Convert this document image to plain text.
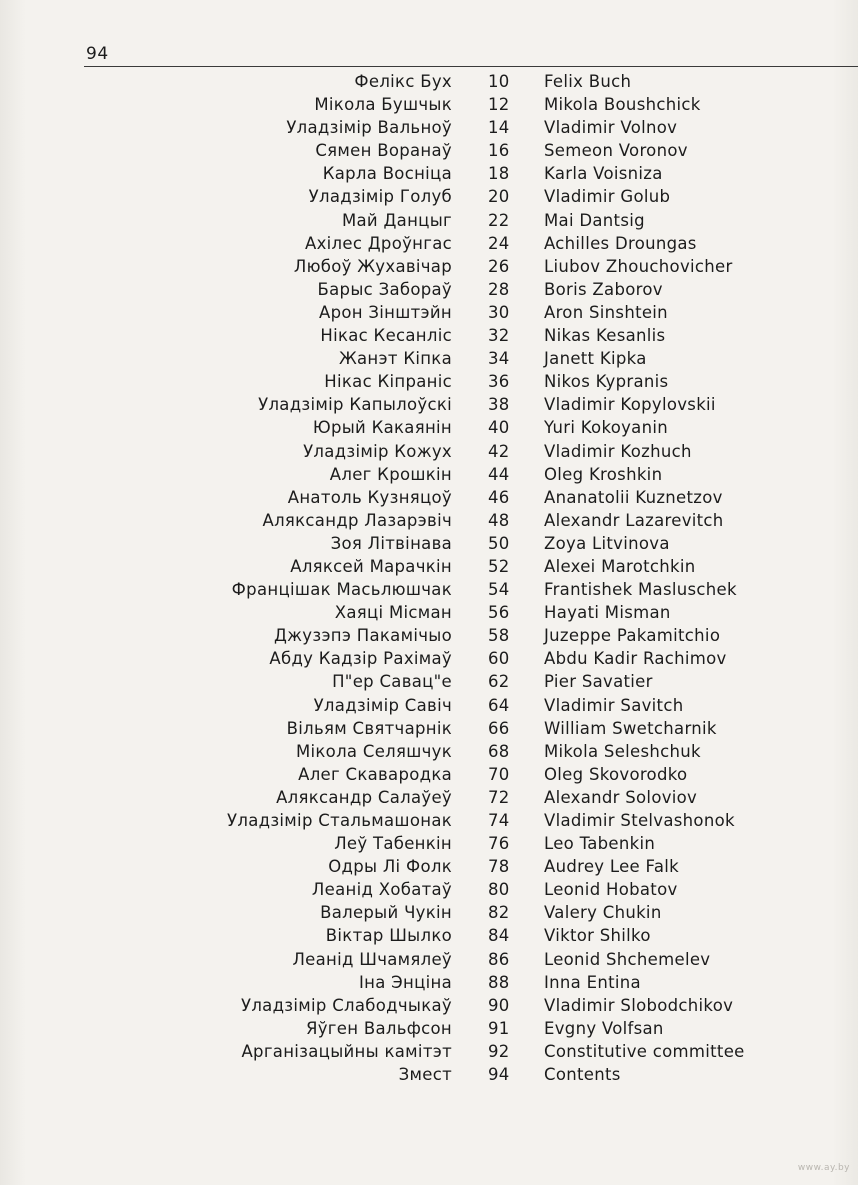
94
Фелікс Бух 10 Felix Buch
Мікола Бушчык 12 Mikola Boushchick
Уладзімір Вальноў 14 Vladimir Volnov
Сямен Воранаў 16 Semeon Voronov
Карла Восніца 18 Karla Voisniza
Уладзімір Голуб 20 Vladimir Golub
Май Данцыг 22 Mai Dantsig
Ахілес Дроўнгас 24 Achilles Droungas
Любоў Жухавічар 26 Liubov Zhouchovicher
Барыс Забораў 28 Boris Zaborov
Арон Зінштэйн 30 Aron Sinshtein
Нікас Кесанліс 32 Nikas Kesanlis
Жанэт Кіпка 34 Janett Kipka
Нікас Кіпраніс 36 Nikos Kypranis
Уладзімір Капылоўскі 38 Vladimir Kopylovskii
Юрый Какаянін 40 Yuri Kokoyanin
Уладзімір Кожух 42 Vladimir Kozhuch
Алег Крошкін 44 Oleg Kroshkin
Анатоль Кузняцоў 46 Ananatolii Kuznetzov
Аляксандр Лазарэвіч 48 Alexandr Lazarevitch
Зоя Літвінава 50 Zoya Litvinova
Аляксей Марачкін 52 Alexei Marotchkin
Францішак Масьлюшчак 54 Frantishek Masluschek
Хаяці Місман 56 Hayati Misman
Джузэпэ Пакамічыо 58 Juzeppe Pakamitchio
Абду Кадзір Рахімаў 60 Abdu Kadir Rachimov
П"ер Савац"е 62 Pier Savatier
Уладзімір Савіч 64 Vladimir Savitch
Вільям Святчарнік 66 William Swetcharnik
Мікола Селяшчук 68 Mikola Seleshchuk
Алег Скавародка 70 Oleg Skovorodko
Аляксандр Салаўеў 72 Alexandr Soloviov
Уладзімір Стальмашонак 74 Vladimir Stelvashonok
Леў Табенкін 76 Leo Tabenkin
Одры Лі Фолк 78 Audrey Lee Falk
Леанід Хобатаў 80 Leonid Hobatov
Валерый Чукін 82 Valery Chukin
Віктар Шылко 84 Viktor Shilko
Леанід Шчамялеў 86 Leonid Shchemelev
Іна Энціна 88 Inna Entina
Уладзімір Слабодчыкаў 90 Vladimir Slobodchikov
Яўген Вальфсон 91 Evgny Volfsan
Арганізацыйны камітэт 92 Constitutive committee
Змест 94 Contents
www.ay.by
